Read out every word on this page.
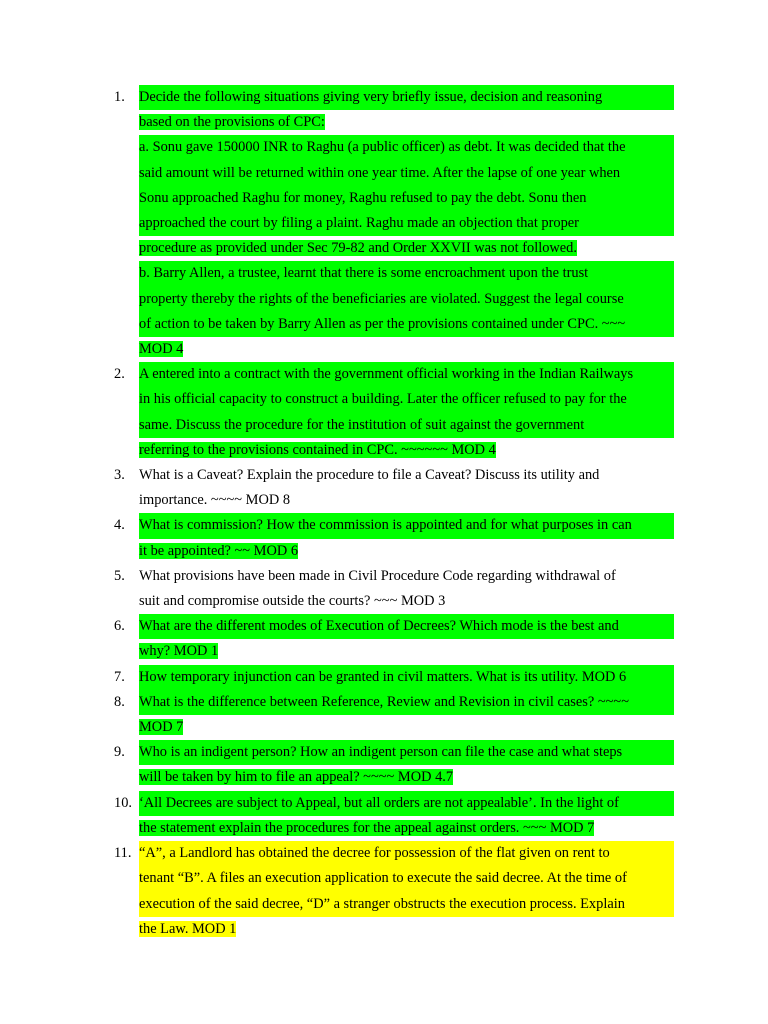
1. Decide the following situations giving very briefly issue, decision and reasoning
based on the provisions of CPC:
a. Sonu gave 150000 INR to Raghu (a public officer) as debt. It was decided that the
said amount will be returned within one year time. After the lapse of one year when
Sonu approached Raghu for money, Raghu refused to pay the debt. Sonu then
approached the court by filing a plaint. Raghu made an objection that proper
procedure as provided under Sec 79-82 and Order XXVII was not followed.
b. Barry Allen, a trustee, learnt that there is some encroachment upon the trust
property thereby the rights of the beneficiaries are violated. Suggest the legal course
of action to be taken by Barry Allen as per the provisions contained under CPC. ~~~
MOD 4
2. A entered into a contract with the government official working in the Indian Railways
in his official capacity to construct a building. Later the officer refused to pay for the
same. Discuss the procedure for the institution of suit against the government
referring to the provisions contained in CPC. ~~~~~~ MOD 4
3. What is a Caveat? Explain the procedure to file a Caveat? Discuss its utility and
importance. ~~~~ MOD 8
4. What is commission? How the commission is appointed and for what purposes in can
it be appointed? ~~ MOD 6
5. What provisions have been made in Civil Procedure Code regarding withdrawal of
suit and compromise outside the courts? ~~~ MOD 3
6. What are the different modes of Execution of Decrees? Which mode is the best and
why? MOD 1
7. How temporary injunction can be granted in civil matters. What is its utility. MOD 6
8. What is the difference between Reference, Review and Revision in civil cases? ~~~~
MOD 7
9. Who is an indigent person? How an indigent person can file the case and what steps
will be taken by him to file an appeal? ~~~~ MOD 4.7
10. ‘All Decrees are subject to Appeal, but all orders are not appealable’. In the light of
the statement explain the procedures for the appeal against orders. ~~~ MOD 7
11. “A”, a Landlord has obtained the decree for possession of the flat given on rent to
tenant “B”. A files an execution application to execute the said decree. At the time of
execution of the said decree, “D” a stranger obstructs the execution process. Explain
the Law. MOD 1
